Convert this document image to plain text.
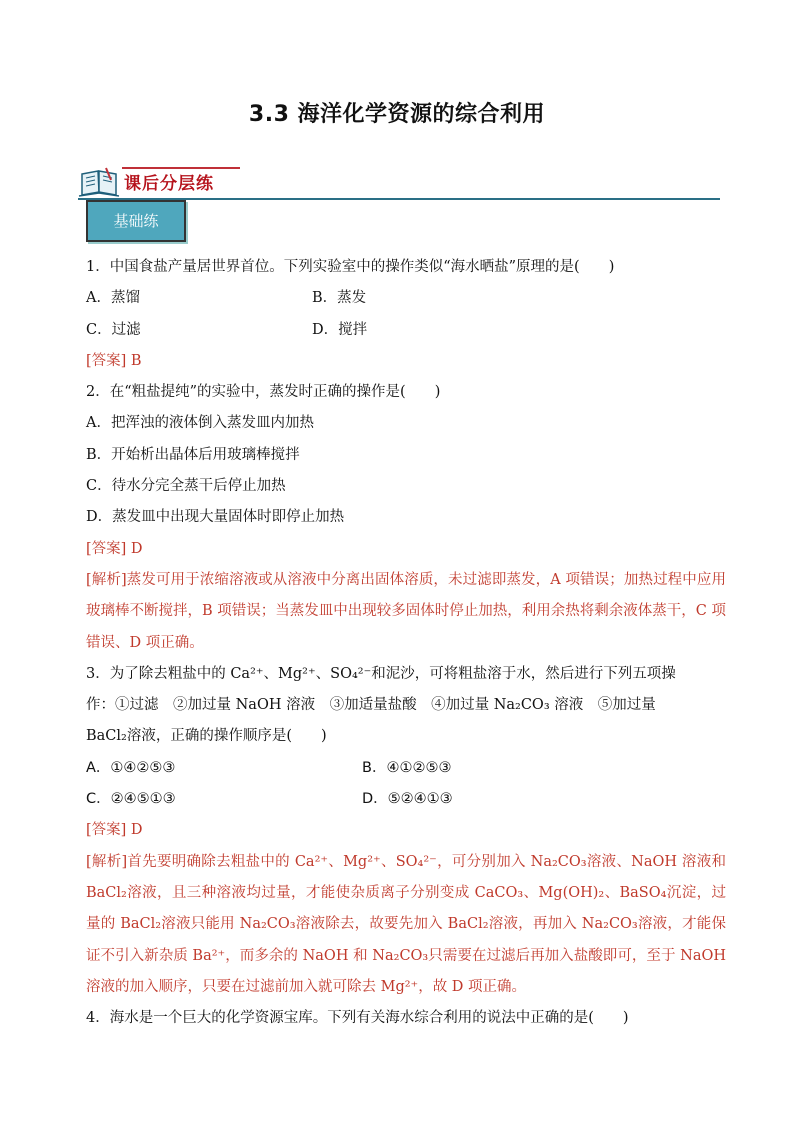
3.3 海洋化学资源的综合利用
课后分层练
基础练
1．中国食盐产量居世界首位。下列实验室中的操作类似“海水晒盐”原理的是(　　)
A．蒸馏	B．蒸发
C．过滤	D．搅拌
[答案] B
2．在“粗盐提纯”的实验中，蒸发时正确的操作是(　　)
A．把浑浊的液体倒入蒸发皿内加热
B．开始析出晶体后用玻璃棒搅拌
C．待水分完全蒸干后停止加热
D．蒸发皿中出现大量固体时即停止加热
[答案] D
[解析]蒸发可用于浓缩溶液或从溶液中分离出固体溶质，未过滤即蒸发，A 项错误；加热过程中应用玻璃棒不断搅拌，B 项错误；当蒸发皿中出现较多固体时停止加热，利用余热将剩余液体蒸干，C 项错误、D 项正确。
3．为了除去粗盐中的 Ca²⁺、Mg²⁺、SO₄²⁻和泥沙，可将粗盐溶于水，然后进行下列五项操
作：①过滤　②加过量 NaOH 溶液　③加适量盐酸　④加过量 Na₂CO₃ 溶液　⑤加过量
BaCl₂溶液，正确的操作顺序是(　　)
A．①④②⑤③	B．④①②⑤③
C．②④⑤①③	D．⑤②④①③
[答案] D
[解析]首先要明确除去粗盐中的 Ca²⁺、Mg²⁺、SO₄²⁻，可分别加入 Na₂CO₃溶液、NaOH 溶液和 BaCl₂溶液，且三种溶液均过量，才能使杂质离子分别变成 CaCO₃、Mg(OH)₂、BaSO₄沉淀，过量的 BaCl₂溶液只能用 Na₂CO₃溶液除去，故要先加入 BaCl₂溶液，再加入 Na₂CO₃溶液，才能保证不引入新杂质 Ba²⁺，而多余的 NaOH 和 Na₂CO₃只需要在过滤后再加入盐酸即可，至于 NaOH 溶液的加入顺序，只要在过滤前加入就可除去 Mg²⁺，故 D 项正确。
4．海水是一个巨大的化学资源宝库。下列有关海水综合利用的说法中正确的是(　　)
